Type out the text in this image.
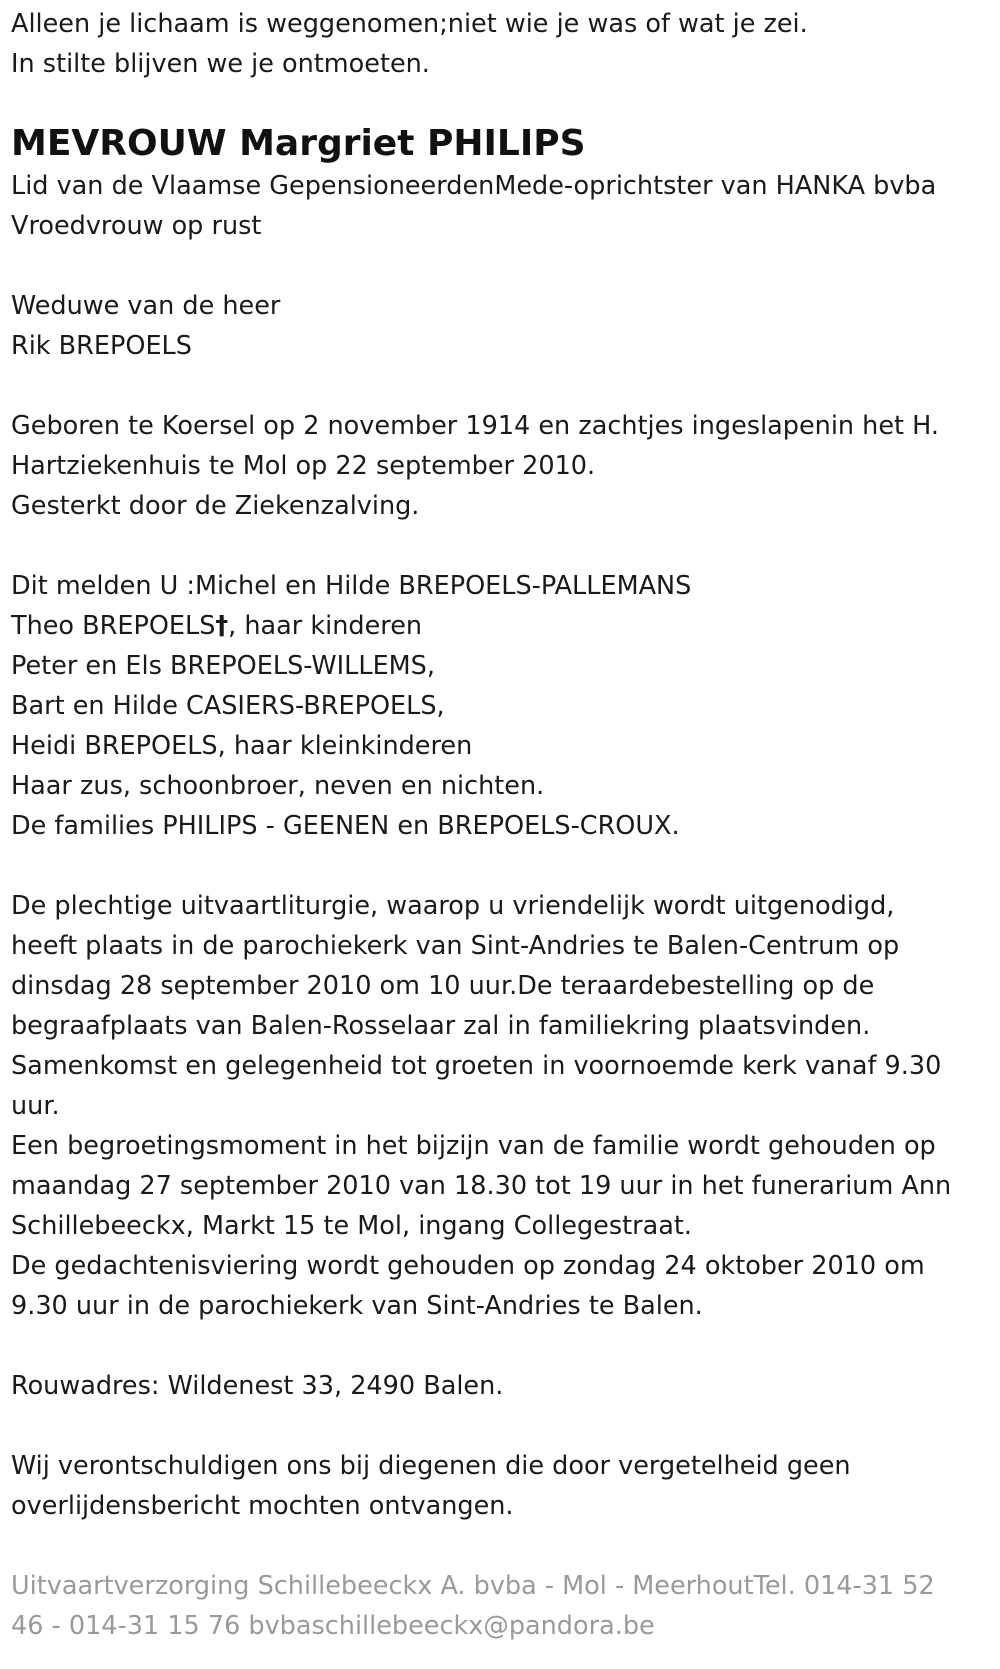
Alleen je lichaam is weggenomen;niet wie je was of wat je zei.
In stilte blijven we je ontmoeten.
MEVROUW Margriet PHILIPS
Lid van de Vlaamse GepensioneerdenMede-oprichtster van HANKA bvba
Vroedvrouw op rust
Weduwe van de heer
Rik BREPOELS
Geboren te Koersel op 2 november 1914 en zachtjes ingeslapenin het H.
Hartziekenhuis te Mol op 22 september 2010.
Gesterkt door de Ziekenzalving.
Dit melden U :Michel en Hilde BREPOELS-PALLEMANS
Theo BREPOELS†, haar kinderen
Peter en Els BREPOELS-WILLEMS,
Bart en Hilde CASIERS-BREPOELS,
Heidi BREPOELS, haar kleinkinderen
Haar zus, schoonbroer, neven en nichten.
De families PHILIPS - GEENEN en BREPOELS-CROUX.
De plechtige uitvaartliturgie, waarop u vriendelijk wordt uitgenodigd,
heeft plaats in de parochiekerk van Sint-Andries te Balen-Centrum op
dinsdag 28 september 2010 om 10 uur.De teraardebestelling op de
begraafplaats van Balen-Rosselaar zal in familiekring plaatsvinden.
Samenkomst en gelegenheid tot groeten in voornoemde kerk vanaf 9.30
uur.
Een begroetingsmoment in het bijzijn van de familie wordt gehouden op
maandag 27 september 2010 van 18.30 tot 19 uur in het funerarium Ann
Schillebeeckx, Markt 15 te Mol, ingang Collegestraat.
De gedachtenisviering wordt gehouden op zondag 24 oktober 2010 om
9.30 uur in de parochiekerk van Sint-Andries te Balen.
Rouwadres: Wildenest 33, 2490 Balen.
Wij verontschuldigen ons bij diegenen die door vergetelheid geen
overlijdensbericht mochten ontvangen.
Uitvaartverzorging Schillebeeckx A. bvba - Mol - MeerhoutTel. 014-31 52
46 - 014-31 15 76 bvbaschillebeeckx@pandora.be
